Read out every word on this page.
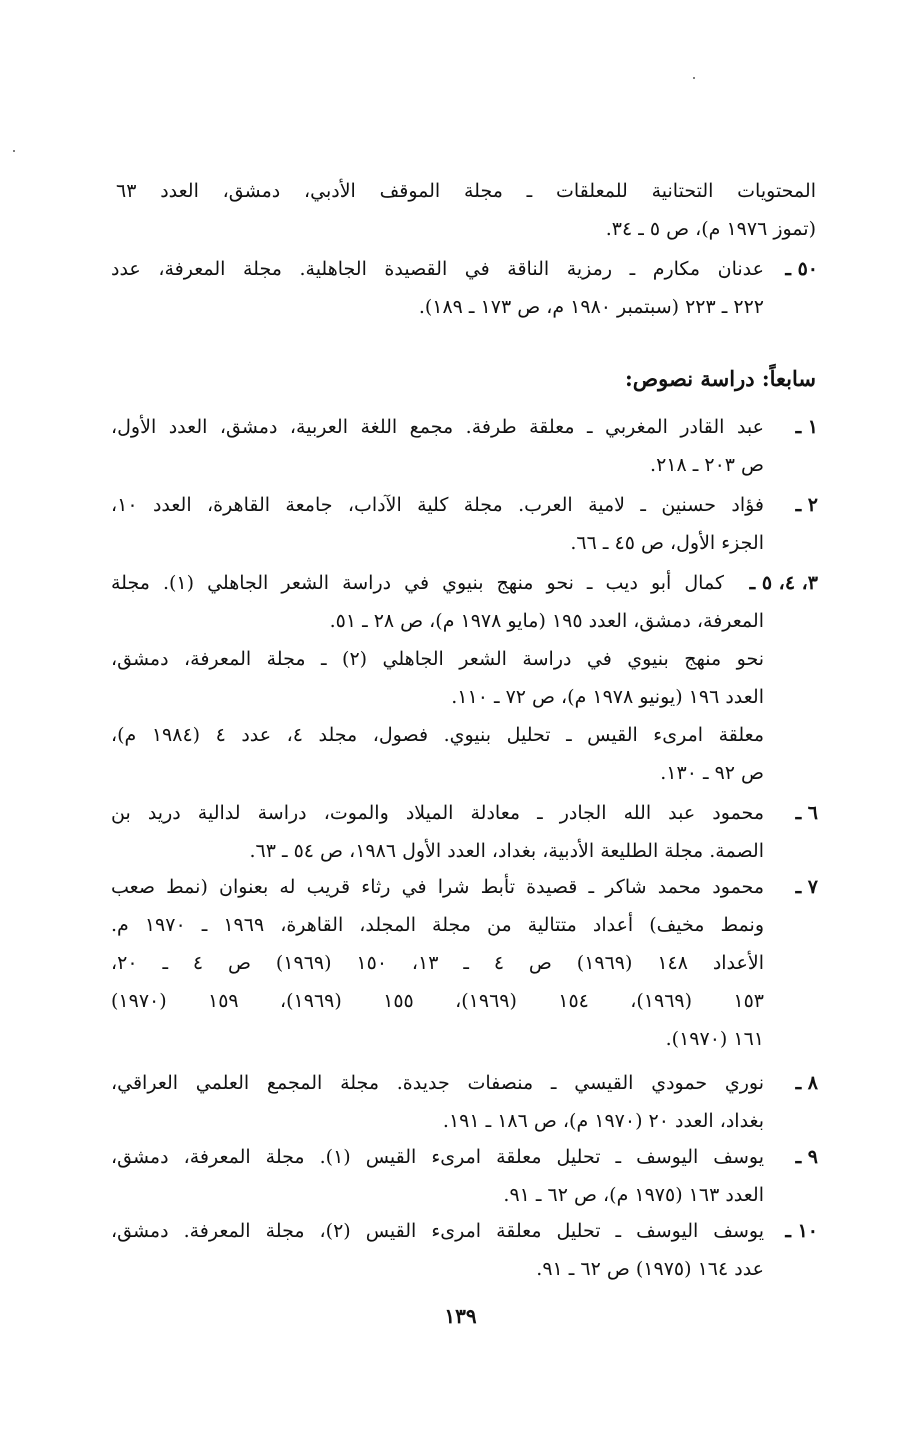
المحتويات التحتانية للمعلقات ـ مجلة الموقف الأدبي، دمشق، العدد ٦٣
(تموز ١٩٧٦ م)، ص ٥ ـ ٣٤.
٥٠ ـ
عدنان مكارم ـ رمزية الناقة في القصيدة الجاهلية. مجلة المعرفة، عدد
٢٢٢ ـ ٢٢٣ (سبتمبر ١٩٨٠ م، ص ١٧٣ ـ ١٨٩).
سابعاً: دراسة نصوص:
١ ـ
عبد القادر المغربي ـ معلقة طرفة. مجمع اللغة العربية، دمشق، العدد الأول،
ص ٢٠٣ ـ ٢١٨.
٢ ـ
فؤاد حسنين ـ لامية العرب. مجلة كلية الآداب، جامعة القاهرة، العدد ١٠،
الجزء الأول، ص ٤٥ ـ ٦٦.
٣، ٤، ٥ ـ
كمال أبو ديب ـ نحو منهج بنيوي في دراسة الشعر الجاهلي (١). مجلة
المعرفة، دمشق، العدد ١٩٥ (مايو ١٩٧٨ م)، ص ٢٨ ـ ٥١.
نحو منهج بنيوي في دراسة الشعر الجاهلي (٢) ـ مجلة المعرفة، دمشق،
العدد ١٩٦ (يونيو ١٩٧٨ م)، ص ٧٢ ـ ١١٠.
معلقة امرىء القيس ـ تحليل بنيوي. فصول، مجلد ٤، عدد ٤ (١٩٨٤ م)،
ص ٩٢ ـ ١٣٠.
٦ ـ
محمود عبد الله الجادر ـ معادلة الميلاد والموت، دراسة لدالية دريد بن
الصمة. مجلة الطليعة الأدبية، بغداد، العدد الأول ١٩٨٦، ص ٥٤ ـ ٦٣.
٧ ـ
محمود محمد شاكر ـ قصيدة تأبط شرا في رثاء قريب له بعنوان (نمط صعب
ونمط مخيف) أعداد متتالية من مجلة المجلد، القاهرة، ١٩٦٩ ـ ١٩٧٠ م.
الأعداد ١٤٨ (١٩٦٩) ص ٤ ـ ١٣، ١٥٠ (١٩٦٩) ص ٤ ـ ٢٠،
١٥٣ (١٩٦٩)، ١٥٤ (١٩٦٩)، ١٥٥ (١٩٦٩)، ١٥٩ (١٩٧٠)
١٦١ (١٩٧٠).
٨ ـ
نوري حمودي القيسي ـ منصفات جديدة. مجلة المجمع العلمي العراقي،
بغداد، العدد ٢٠ (١٩٧٠ م)، ص ١٨٦ ـ ١٩١.
٩ ـ
يوسف اليوسف ـ تحليل معلقة امرىء القيس (١). مجلة المعرفة، دمشق،
العدد ١٦٣ (١٩٧٥ م)، ص ٦٢ ـ ٩١.
١٠ ـ
يوسف اليوسف ـ تحليل معلقة امرىء القيس (٢)، مجلة المعرفة. دمشق،
عدد ١٦٤ (١٩٧٥) ص ٦٢ ـ ٩١.
١٣٩
